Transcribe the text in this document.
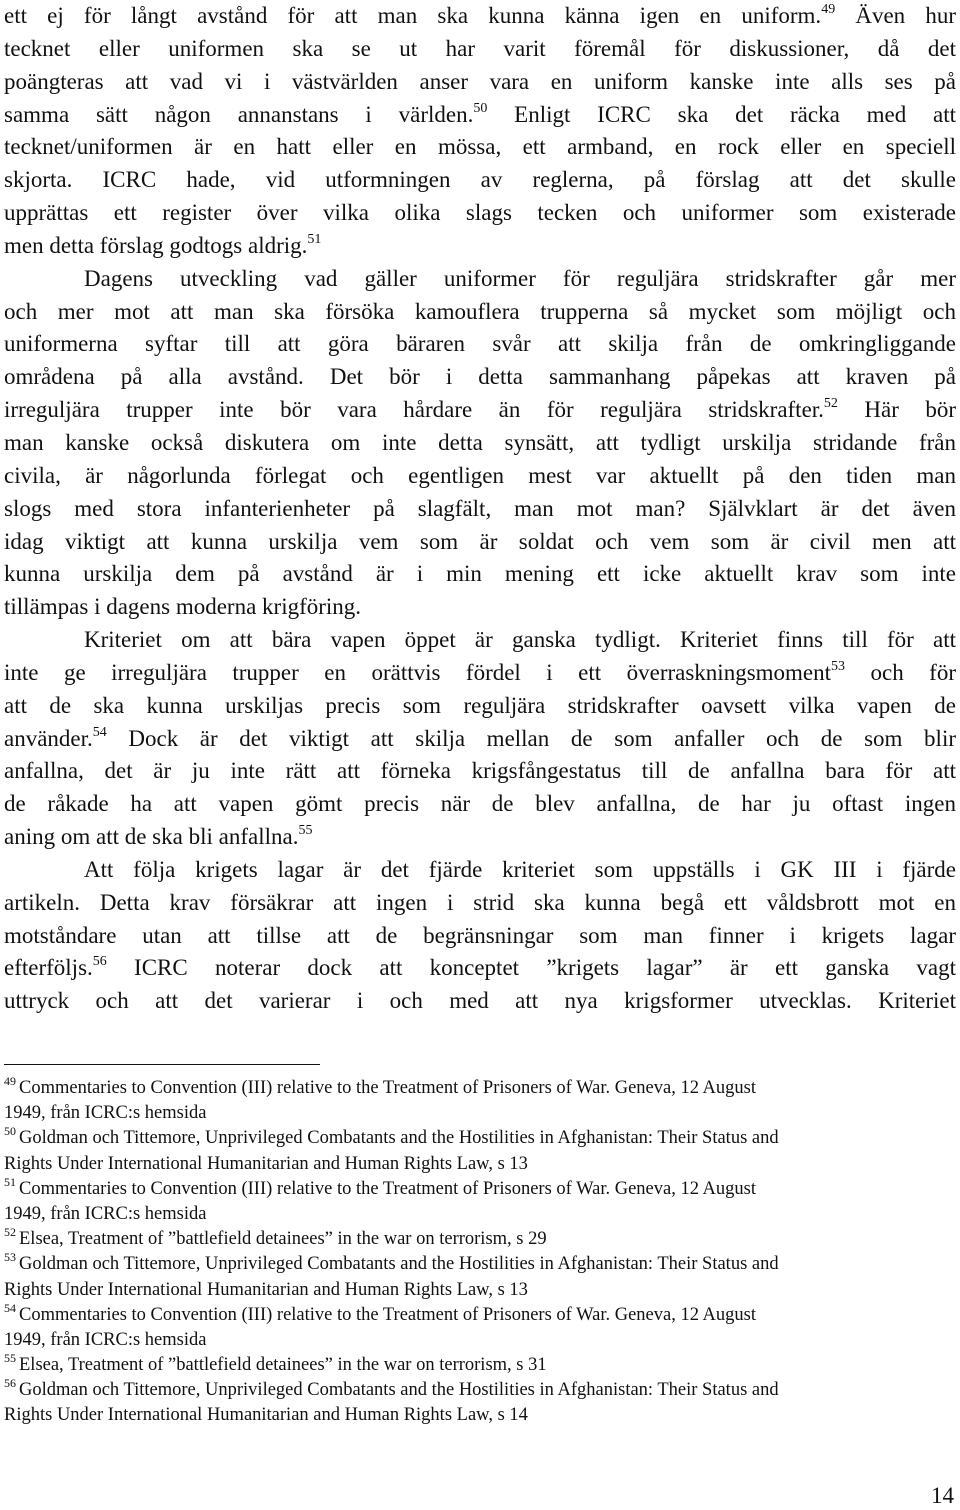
ett ej för långt avstånd för att man ska kunna känna igen en uniform.$^{49}$ Även hur
tecknet eller uniformen ska se ut har varit föremål för diskussioner, då det
poängteras att vad vi i västvärlden anser vara en uniform kanske inte alls ses på
samma sätt någon annanstans i världen.$^{50}$ Enligt ICRC ska det räcka med att
tecknet/uniformen är en hatt eller en mössa, ett armband, en rock eller en speciell
skjorta. ICRC hade, vid utformningen av reglerna, på förslag att det skulle
upprättas ett register över vilka olika slags tecken och uniformer som existerade
men detta förslag godtogs aldrig.$^{51}$
Dagens utveckling vad gäller uniformer för reguljära stridskrafter går mer
och mer mot att man ska försöka kamouflera trupperna så mycket som möjligt och
uniformerna syftar till att göra bäraren svår att skilja från de omkringliggande
områdena på alla avstånd. Det bör i detta sammanhang påpekas att kraven på
irreguljära trupper inte bör vara hårdare än för reguljära stridskrafter.$^{52}$ Här bör
man kanske också diskutera om inte detta synsätt, att tydligt urskilja stridande från
civila, är någorlunda förlegat och egentligen mest var aktuellt på den tiden man
slogs med stora infanterienheter på slagfält, man mot man? Självklart är det även
idag viktigt att kunna urskilja vem som är soldat och vem som är civil men att
kunna urskilja dem på avstånd är i min mening ett icke aktuellt krav som inte
tillämpas i dagens moderna krigföring.
Kriteriet om att bära vapen öppet är ganska tydligt. Kriteriet finns till för att
inte ge irreguljära trupper en orättvis fördel i ett överraskningsmoment$^{53}$ och för
att de ska kunna urskiljas precis som reguljära stridskrafter oavsett vilka vapen de
använder.$^{54}$ Dock är det viktigt att skilja mellan de som anfaller och de som blir
anfallna, det är ju inte rätt att förneka krigsfångestatus till de anfallna bara för att
de råkade ha att vapen gömt precis när de blev anfallna, de har ju oftast ingen
aning om att de ska bli anfallna.$^{55}$
Att följa krigets lagar är det fjärde kriteriet som uppställs i GK III i fjärde
artikeln. Detta krav försäkrar att ingen i strid ska kunna begå ett våldsbrott mot en
motståndare utan att tillse att de begränsningar som man finner i krigets lagar
efterföljs.$^{56}$ ICRC noterar dock att konceptet ”krigets lagar” är ett ganska vagt
uttryck och att det varierar i och med att nya krigsformer utvecklas. Kriteriet
$^{49}$ Commentaries to Convention (III) relative to the Treatment of Prisoners of War. Geneva, 12 August
1949, från ICRC:s hemsida
$^{50}$ Goldman och Tittemore, Unprivileged Combatants and the Hostilities in Afghanistan: Their Status and
Rights Under International Humanitarian and Human Rights Law, s 13
$^{51}$ Commentaries to Convention (III) relative to the Treatment of Prisoners of War. Geneva, 12 August
1949, från ICRC:s hemsida
$^{52}$ Elsea, Treatment of ”battlefield detainees” in the war on terrorism, s 29
$^{53}$ Goldman och Tittemore, Unprivileged Combatants and the Hostilities in Afghanistan: Their Status and
Rights Under International Humanitarian and Human Rights Law, s 13
$^{54}$ Commentaries to Convention (III) relative to the Treatment of Prisoners of War. Geneva, 12 August
1949, från ICRC:s hemsida
$^{55}$ Elsea, Treatment of ”battlefield detainees” in the war on terrorism, s 31
$^{56}$ Goldman och Tittemore, Unprivileged Combatants and the Hostilities in Afghanistan: Their Status and
Rights Under International Humanitarian and Human Rights Law, s 14
14
